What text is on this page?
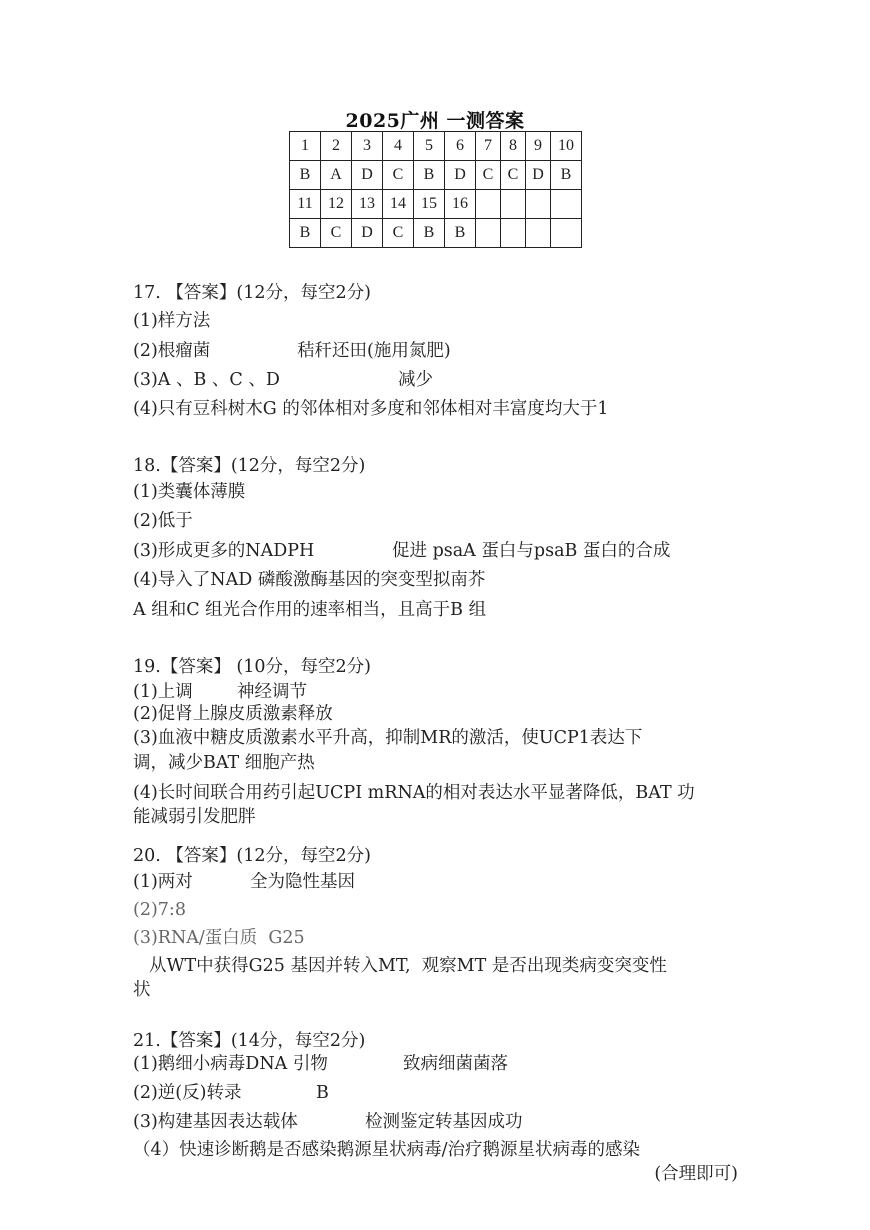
2025广州 一测答案
1	2	3	4	5	6	7	8	9	10
B	A	D	C	B	D	C	C	D	B
11	12	13	14	15	16				
B	C	D	C	B	B				
17. 【答案】(12分，每空2分)
(1)样方法
(2)根瘤菌	秸秆还田(施用氮肥)
(3)A 、B 、C 、D	减少
(4)只有豆科树木G 的邻体相对多度和邻体相对丰富度均大于1
18.【答案】(12分，每空2分)
(1)类囊体薄膜
(2)低于
(3)形成更多的NADPH	促进 psaA 蛋白与psaB 蛋白的合成
(4)导入了NAD 磷酸激酶基因的突变型拟南芥
A 组和C 组光合作用的速率相当，且高于B 组
19.【答案】 (10分，每空2分)
(1)上调	神经调节
(2)促肾上腺皮质激素释放
(3)血液中糖皮质激素水平升高，抑制MR的激活，使UCP1表达下
调，减少BAT 细胞产热
(4)长时间联合用药引起UCPI mRNA的相对表达水平显著降低，BAT 功
能减弱引发肥胖
20. 【答案】(12分，每空2分)
(1)两对	全为隐性基因
(2)7:8
(3)RNA/蛋白质  G25
从WT中获得G25 基因并转入MT,  观察MT 是否出现类病变突变性
状
21.【答案】(14分，每空2分)
(1)鹅细小病毒DNA 引物	致病细菌菌落
(2)逆(反)转录	B
(3)构建基因表达载体	检测鉴定转基因成功
（4）快速诊断鹅是否感染鹅源星状病毒/治疗鹅源星状病毒的感染
(合理即可)
